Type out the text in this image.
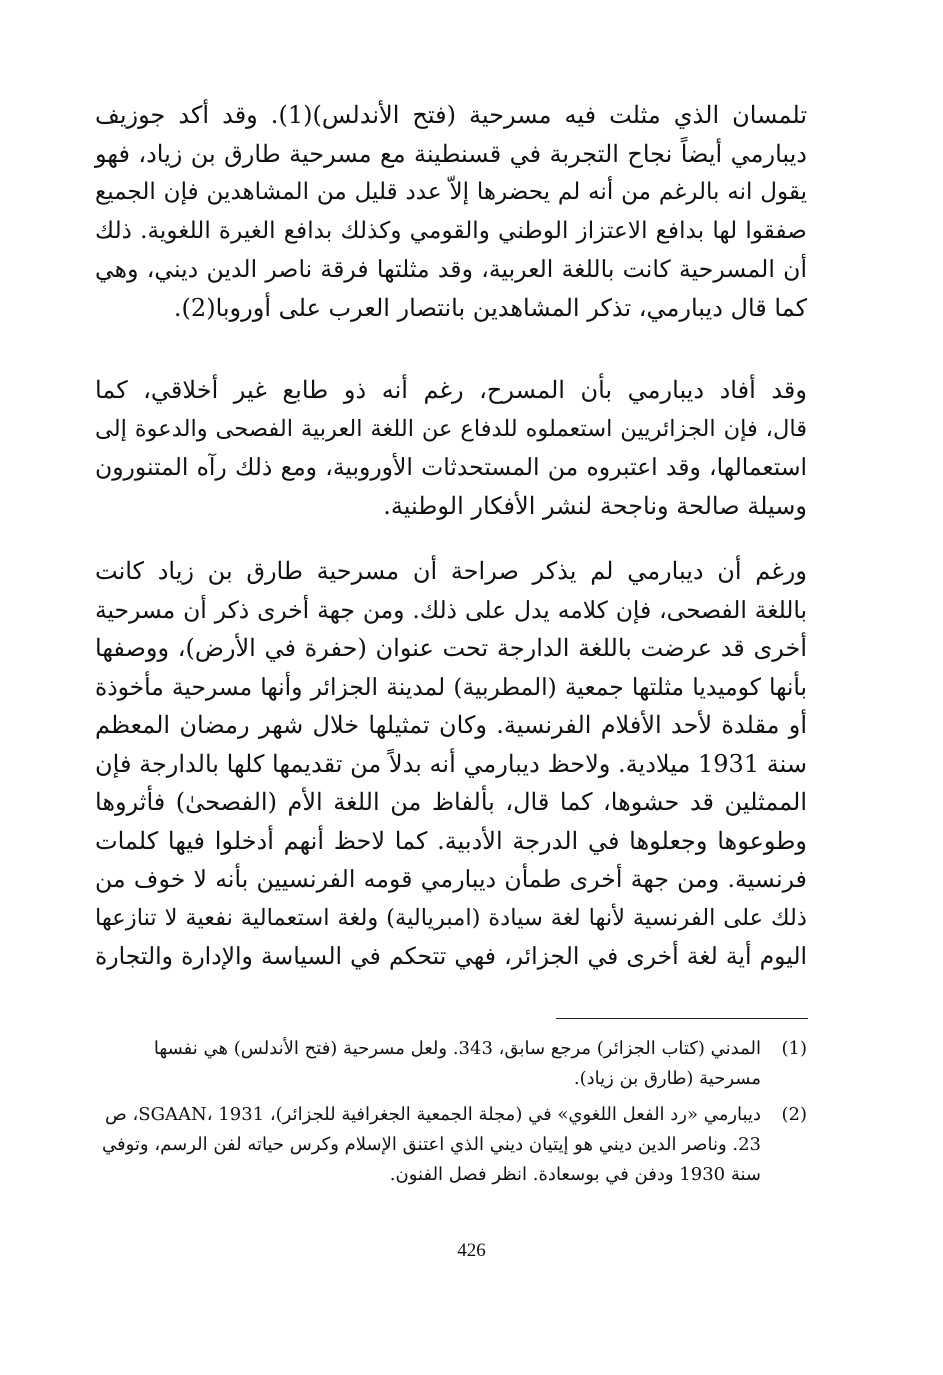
تلمسان الذي مثلت فيه مسرحية (فتح الأندلس)(1). وقد أكد جوزيف
ديبارمي أيضاً نجاح التجربة في قسنطينة مع مسرحية طارق بن زياد، فهو
يقول انه بالرغم من أنه لم يحضرها إلاّ عدد قليل من المشاهدين فإن الجميع
صفقوا لها بدافع الاعتزاز الوطني والقومي وكذلك بدافع الغيرة اللغوية. ذلك
أن المسرحية كانت باللغة العربية، وقد مثلتها فرقة ناصر الدين ديني، وهي
كما قال ديبارمي، تذكر المشاهدين بانتصار العرب على أوروبا(2).
وقد أفاد ديبارمي بأن المسرح، رغم أنه ذو طابع غير أخلاقي، كما
قال، فإن الجزائريين استعملوه للدفاع عن اللغة العربية الفصحى والدعوة إلى
استعمالها، وقد اعتبروه من المستحدثات الأوروبية، ومع ذلك رآه المتنورون
وسيلة صالحة وناجحة لنشر الأفكار الوطنية.
ورغم أن ديبارمي لم يذكر صراحة أن مسرحية طارق بن زياد كانت
باللغة الفصحى، فإن كلامه يدل على ذلك. ومن جهة أخرى ذكر أن مسرحية
أخرى قد عرضت باللغة الدارجة تحت عنوان (حفرة في الأرض)، ووصفها
بأنها كوميديا مثلتها جمعية (المطربية) لمدينة الجزائر وأنها مسرحية مأخوذة
أو مقلدة لأحد الأفلام الفرنسية. وكان تمثيلها خلال شهر رمضان المعظم
سنة 1931 ميلادية. ولاحظ ديبارمي أنه بدلاً من تقديمها كلها بالدارجة فإن
الممثلين قد حشوها، كما قال، بألفاظ من اللغة الأم (الفصحىٰ) فأثروها
وطوعوها وجعلوها في الدرجة الأدبية. كما لاحظ أنهم أدخلوا فيها كلمات
فرنسية. ومن جهة أخرى طمأن ديبارمي قومه الفرنسيين بأنه لا خوف من
ذلك على الفرنسية لأنها لغة سيادة (امبريالية) ولغة استعمالية نفعية لا تنازعها
اليوم أية لغة أخرى في الجزائر، فهي تتحكم في السياسة والإدارة والتجارة
(1)
المدني (كتاب الجزائر) مرجع سابق، 343. ولعل مسرحية (فتح الأندلس) هي نفسها مسرحية (طارق بن زياد).
(2)
ديبارمي «رد الفعل اللغوي» في (مجلة الجمعية الجغرافية للجزائر)، SGAAN، 1931، ص 23. وناصر الدين ديني هو إيتيان ديني الذي اعتنق الإسلام وكرس حياته لفن الرسم، وتوفي سنة 1930 ودفن في بوسعادة. انظر فصل الفنون.
426
